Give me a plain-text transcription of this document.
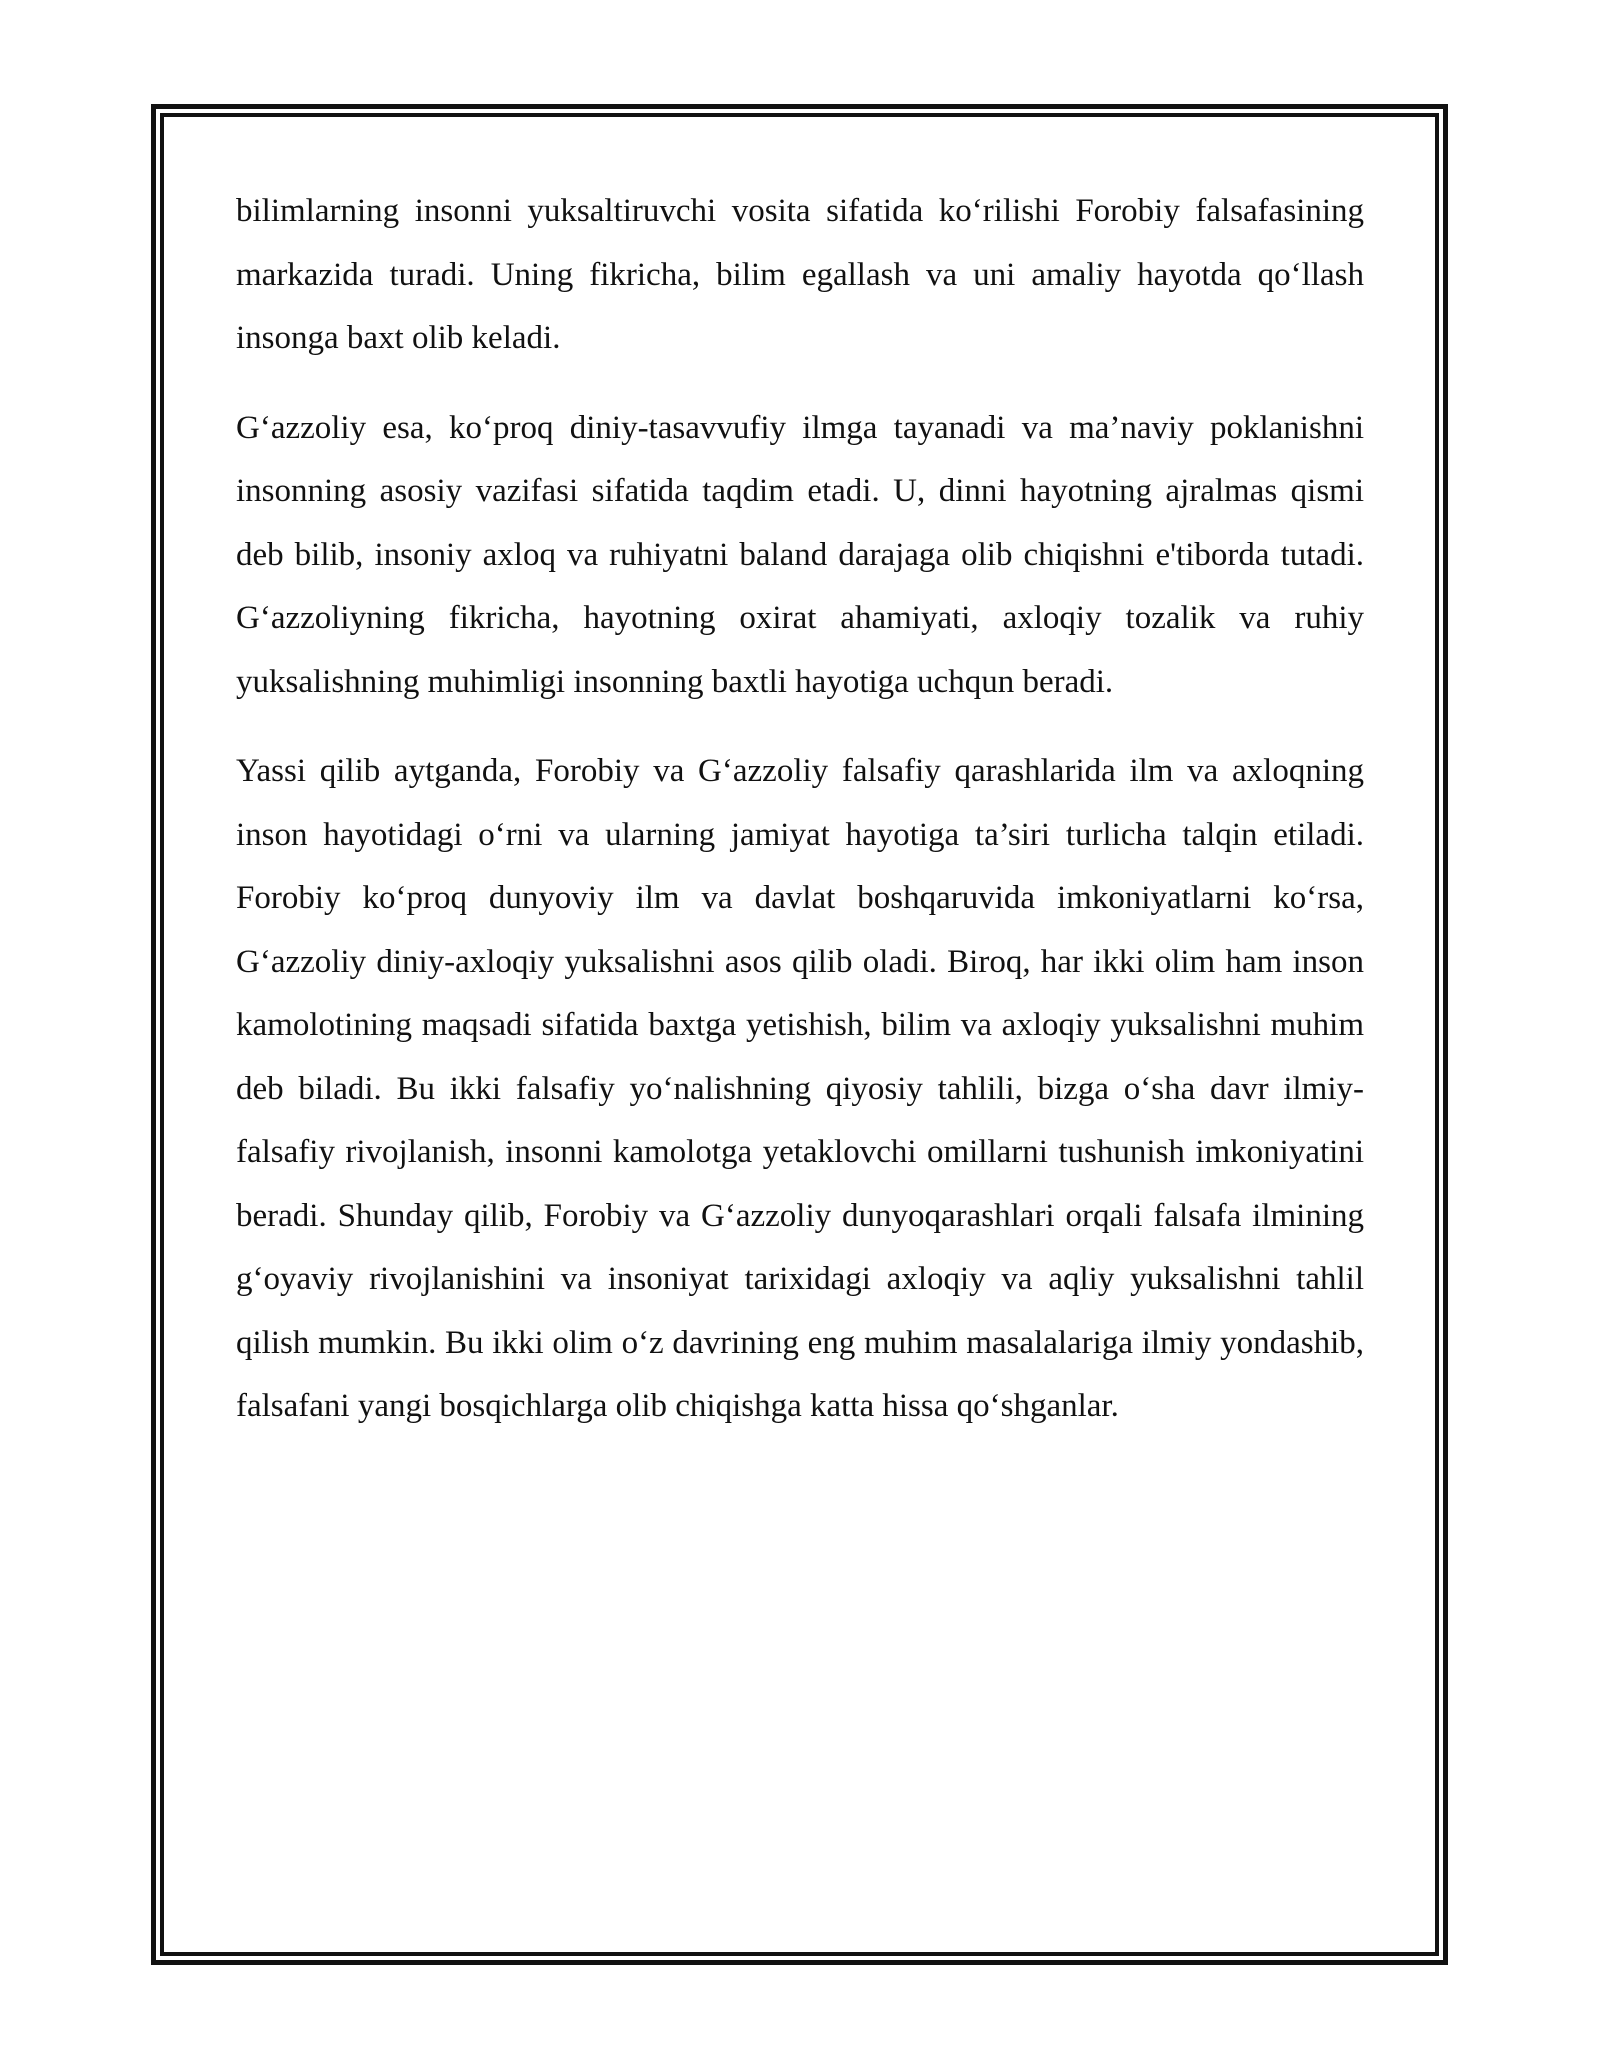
bilimlarning insonni yuksaltiruvchi vosita sifatida ko‘rilishi Forobiy falsafasining markazida turadi. Uning fikricha, bilim egallash va uni amaliy hayotda qo‘llash insonga baxt olib keladi.

G‘azzoliy esa, ko‘proq diniy-tasavvufiy ilmga tayanadi va ma’naviy poklanishni insonning asosiy vazifasi sifatida taqdim etadi. U, dinni hayotning ajralmas qismi deb bilib, insoniy axloq va ruhiyatni baland darajaga olib chiqishni e'tiborda tutadi. G‘azzoliyning fikricha, hayotning oxirat ahamiyati, axloqiy tozalik va ruhiy yuksalishning muhimligi insonning baxtli hayotiga uchqun beradi.

Yassi qilib aytganda, Forobiy va G‘azzoliy falsafiy qarashlarida ilm va axloqning inson hayotidagi o‘rni va ularning jamiyat hayotiga ta’siri turlicha talqin etiladi. Forobiy ko‘proq dunyoviy ilm va davlat boshqaruvida imkoniyatlarni ko‘rsa, G‘azzoliy diniy-axloqiy yuksalishni asos qilib oladi. Biroq, har ikki olim ham inson kamolotining maqsadi sifatida baxtga yetishish, bilim va axloqiy yuksalishni muhim deb biladi. Bu ikki falsafiy yo‘nalishning qiyosiy tahlili, bizga o‘sha davr ilmiy-falsafiy rivojlanish, insonni kamolotga yetaklovchi omillarni tushunish imkoniyatini beradi. Shunday qilib, Forobiy va G‘azzoliy dunyoqarashlari orqali falsafa ilmining g‘oyaviy rivojlanishini va insoniyat tarixidagi axloqiy va aqliy yuksalishni tahlil qilish mumkin. Bu ikki olim o‘z davrining eng muhim masalalariga ilmiy yondashib, falsafani yangi bosqichlarga olib chiqishga katta hissa qo‘shganlar.
